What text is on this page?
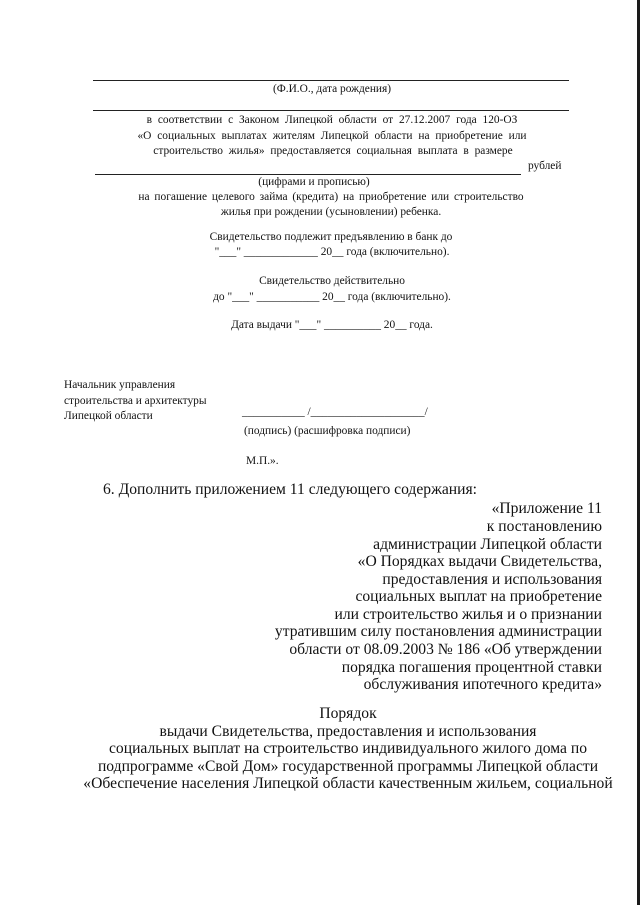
(Ф.И.О., дата рождения)
в соответствии с Законом Липецкой области от 27.12.2007 года 120-ОЗ
«О социальных выплатах жителям Липецкой области на приобретение или
строительство жилья» предоставляется социальная выплата в размере
рублей
(цифрами и прописью)
на погашение целевого займа (кредита) на приобретение или строительство
жилья при рождении (усыновлении) ребенка.
Свидетельство подлежит предъявлению в банк до
"___" _____________ 20__ года (включительно).
Свидетельство действительно
до "___" ___________ 20__ года (включительно).
Дата выдачи "___" __________ 20__ года.
Начальник управления
строительства и архитектуры
Липецкой области	___________ /____________________/
(подпись) (расшифровка подписи)
М.П.».
6. Дополнить приложением 11 следующего содержания:
«Приложение 11
к постановлению
администрации Липецкой области
«О Порядках выдачи Свидетельства,
предоставления и использования
социальных выплат на приобретение
или строительство жилья и о признании
утратившим силу постановления администрации
области от 08.09.2003 № 186 «Об утверждении
порядка погашения процентной ставки
обслуживания ипотечного кредита»
Порядок
выдачи Свидетельства, предоставления и использования
социальных выплат на строительство индивидуального жилого дома по
подпрограмме «Свой Дом» государственной программы Липецкой области
«Обеспечение населения Липецкой области качественным жильем, социальной
